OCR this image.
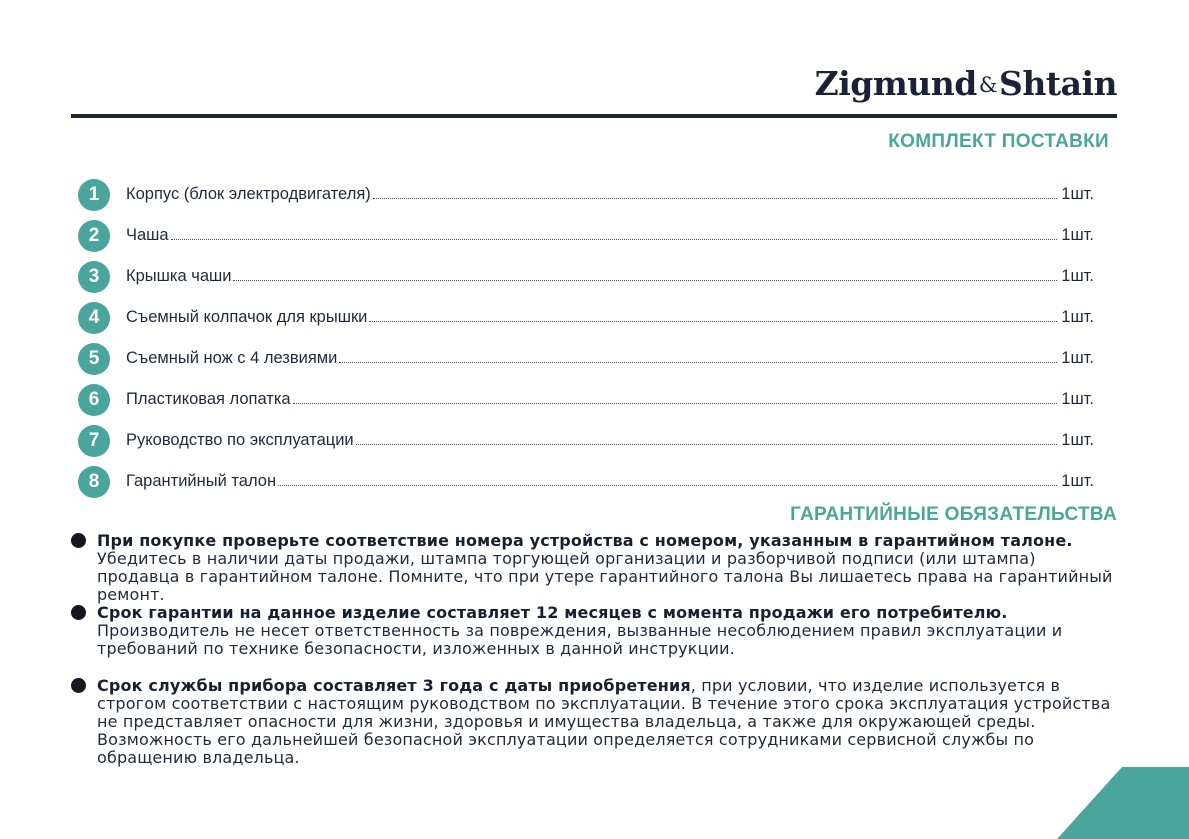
Zigmund&Shtain
КОМПЛЕКТ ПОСТАВКИ
1	Корпус (блок электродвигателя)	1шт.
2	Чаша	1шт.
3	Крышка чаши	1шт.
4	Съемный колпачок для крышки	1шт.
5	Съемный нож с 4 лезвиями	1шт.
6	Пластиковая лопатка	1шт.
7	Руководство по эксплуатации	1шт.
8	Гарантийный талон	1шт.
ГАРАНТИЙНЫЕ ОБЯЗАТЕЛЬСТВА
При покупке проверьте соответствие номера устройства с номером, указанным в гарантийном талоне. Убедитесь в наличии даты продажи, штампа торгующей организации и разборчивой подписи (или штампа) продавца в гарантийном талоне. Помните, что при утере гарантийного талона Вы лишаетесь права на гарантийный ремонт.
Срок гарантии на данное изделие составляет 12 месяцев с момента продажи его потребителю. Производитель не несет ответственность за повреждения, вызванные несоблюдением правил эксплуатации и требований по технике безопасности, изложенных в данной инструкции.
Срок службы прибора составляет 3 года с даты приобретения, при условии, что изделие используется в строгом соответствии с настоящим руководством по эксплуатации. В течение этого срока эксплуатация устройства не представляет опасности для жизни, здоровья и имущества владельца, а также для окружающей среды. Возможность его дальнейшей безопасной эксплуатации определяется сотрудниками сервисной службы по обращению владельца.
